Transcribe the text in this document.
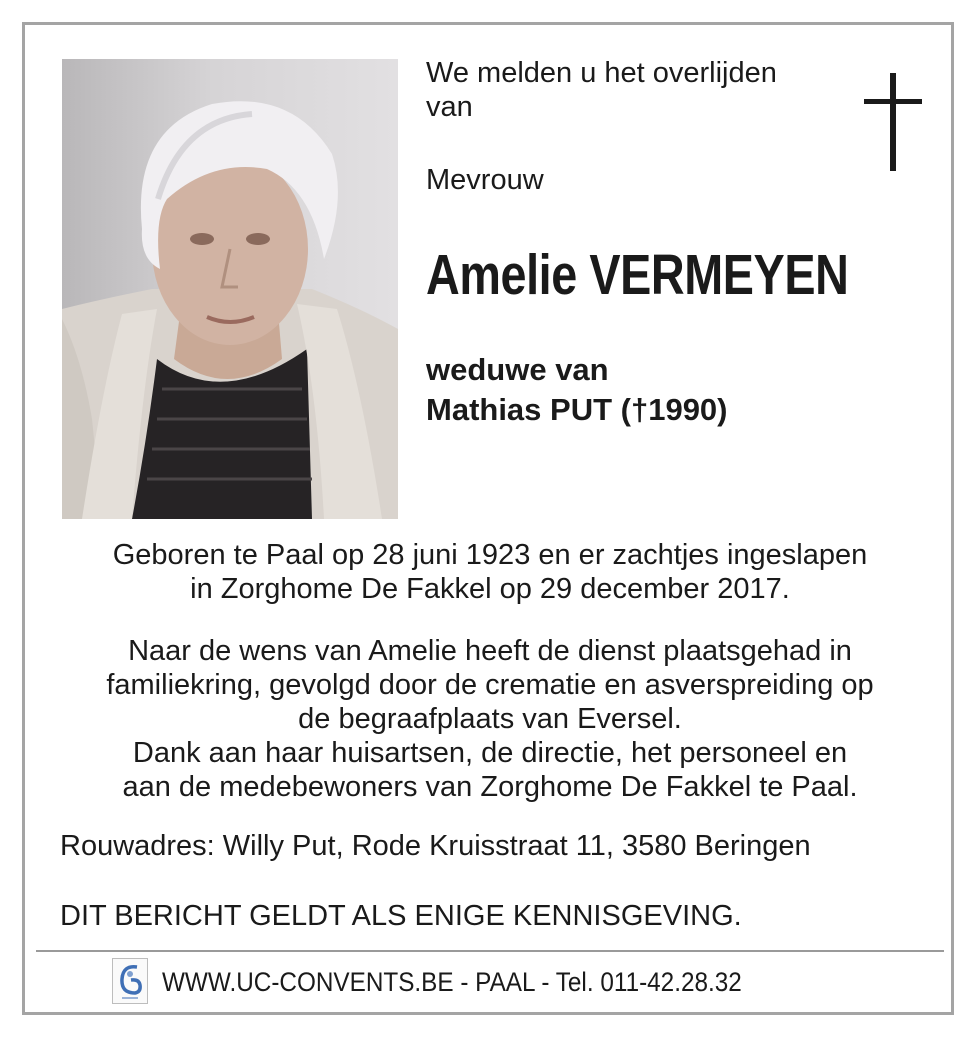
We melden u het overlijden
van
Mevrouw
Amelie VERMEYEN
weduwe van
Mathias PUT (†1990)
Geboren te Paal op 28 juni 1923 en er zachtjes ingeslapen
in Zorghome De Fakkel op 29 december 2017.
Naar de wens van Amelie heeft de dienst plaatsgehad in
familiekring, gevolgd door de crematie en asverspreiding op
de begraafplaats van Eversel.
Dank aan haar huisartsen, de directie, het personeel en
aan de medebewoners van Zorghome De Fakkel te Paal.
Rouwadres: Willy Put, Rode Kruisstraat 11, 3580 Beringen
DIT BERICHT GELDT ALS ENIGE KENNISGEVING.
WWW.UC-CONVENTS.BE - PAAL - Tel. 011-42.28.32
